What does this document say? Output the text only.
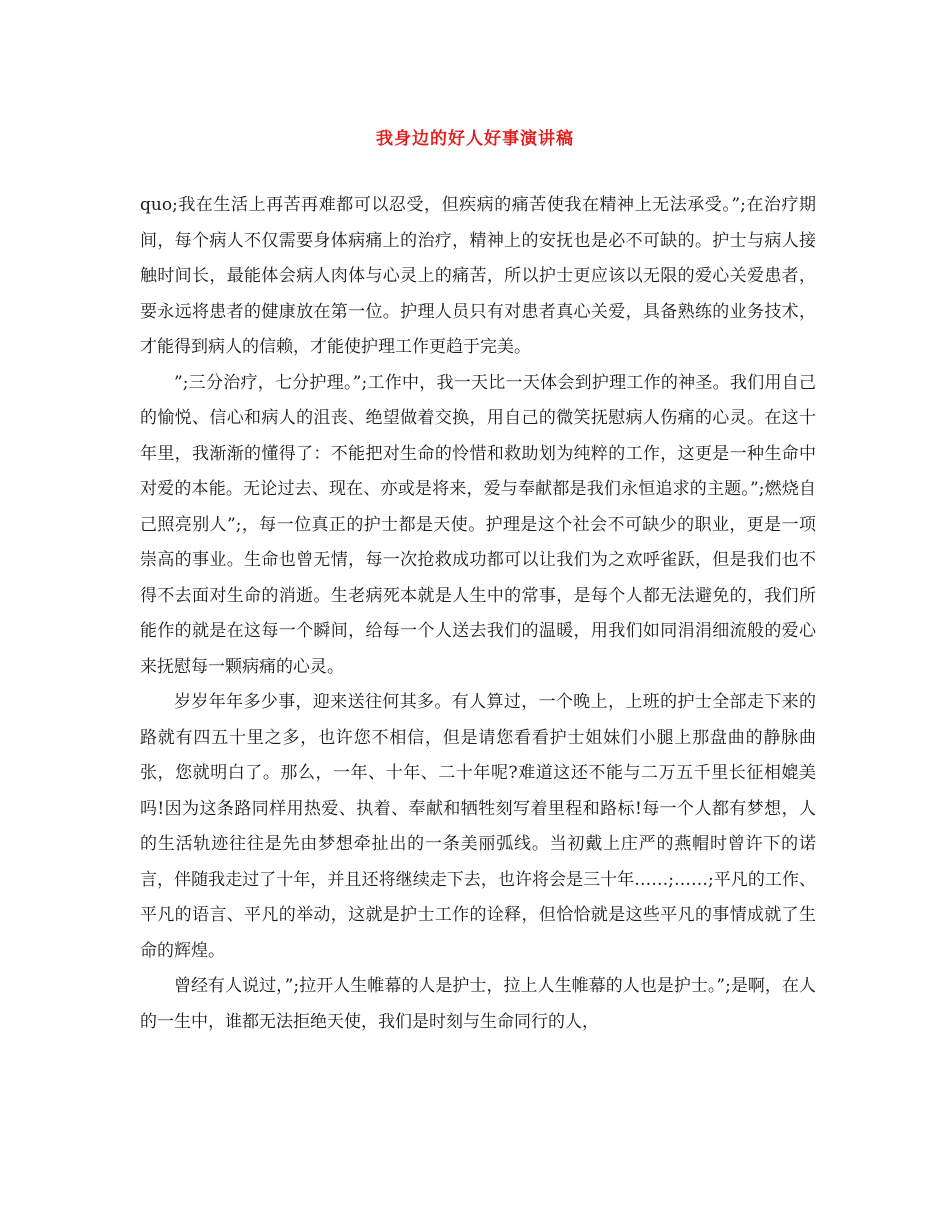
我身边的好人好事演讲稿

quo;我在生活上再苦再难都可以忍受，但疾病的痛苦使我在精神上无法承受。”;在治疗期间，每个病人不仅需要身体病痛上的治疗，精神上的安抚也是必不可缺的。护士与病人接触时间长，最能体会病人肉体与心灵上的痛苦，所以护士更应该以无限的爱心关爱患者，要永远将患者的健康放在第一位。护理人员只有对患者真心关爱，具备熟练的业务技术，才能得到病人的信赖，才能使护理工作更趋于完美。

”;三分治疗，七分护理。”;工作中，我一天比一天体会到护理工作的神圣。我们用自己的愉悦、信心和病人的沮丧、绝望做着交换，用自己的微笑抚慰病人伤痛的心灵。在这十年里，我渐渐的懂得了：不能把对生命的怜惜和救助划为纯粹的工作，这更是一种生命中对爱的本能。无论过去、现在、亦或是将来，爱与奉献都是我们永恒追求的主题。”;燃烧自己照亮别人”;，每一位真正的护士都是天使。护理是这个社会不可缺少的职业，更是一项崇高的事业。生命也曾无情，每一次抢救成功都可以让我们为之欢呼雀跃，但是我们也不得不去面对生命的消逝。生老病死本就是人生中的常事，是每个人都无法避免的，我们所能作的就是在这每一个瞬间，给每一个人送去我们的温暖，用我们如同涓涓细流般的爱心来抚慰每一颗病痛的心灵。

岁岁年年多少事，迎来送往何其多。有人算过，一个晚上，上班的护士全部走下来的路就有四五十里之多，也许您不相信，但是请您看看护士姐妹们小腿上那盘曲的静脉曲张，您就明白了。那么，一年、十年、二十年呢?难道这还不能与二万五千里长征相媲美吗!因为这条路同样用热爱、执着、奉献和牺牲刻写着里程和路标!每一个人都有梦想，人的生活轨迹往往是先由梦想牵扯出的一条美丽弧线。当初戴上庄严的燕帽时曾许下的诺言，伴随我走过了十年，并且还将继续走下去，也许将会是三十年……;……;平凡的工作、平凡的语言、平凡的举动，这就是护士工作的诠释，但恰恰就是这些平凡的事情成就了生命的辉煌。

曾经有人说过，”;拉开人生帷幕的人是护士，拉上人生帷幕的人也是护士。”;是啊，在人的一生中，谁都无法拒绝天使，我们是时刻与生命同行的人，
